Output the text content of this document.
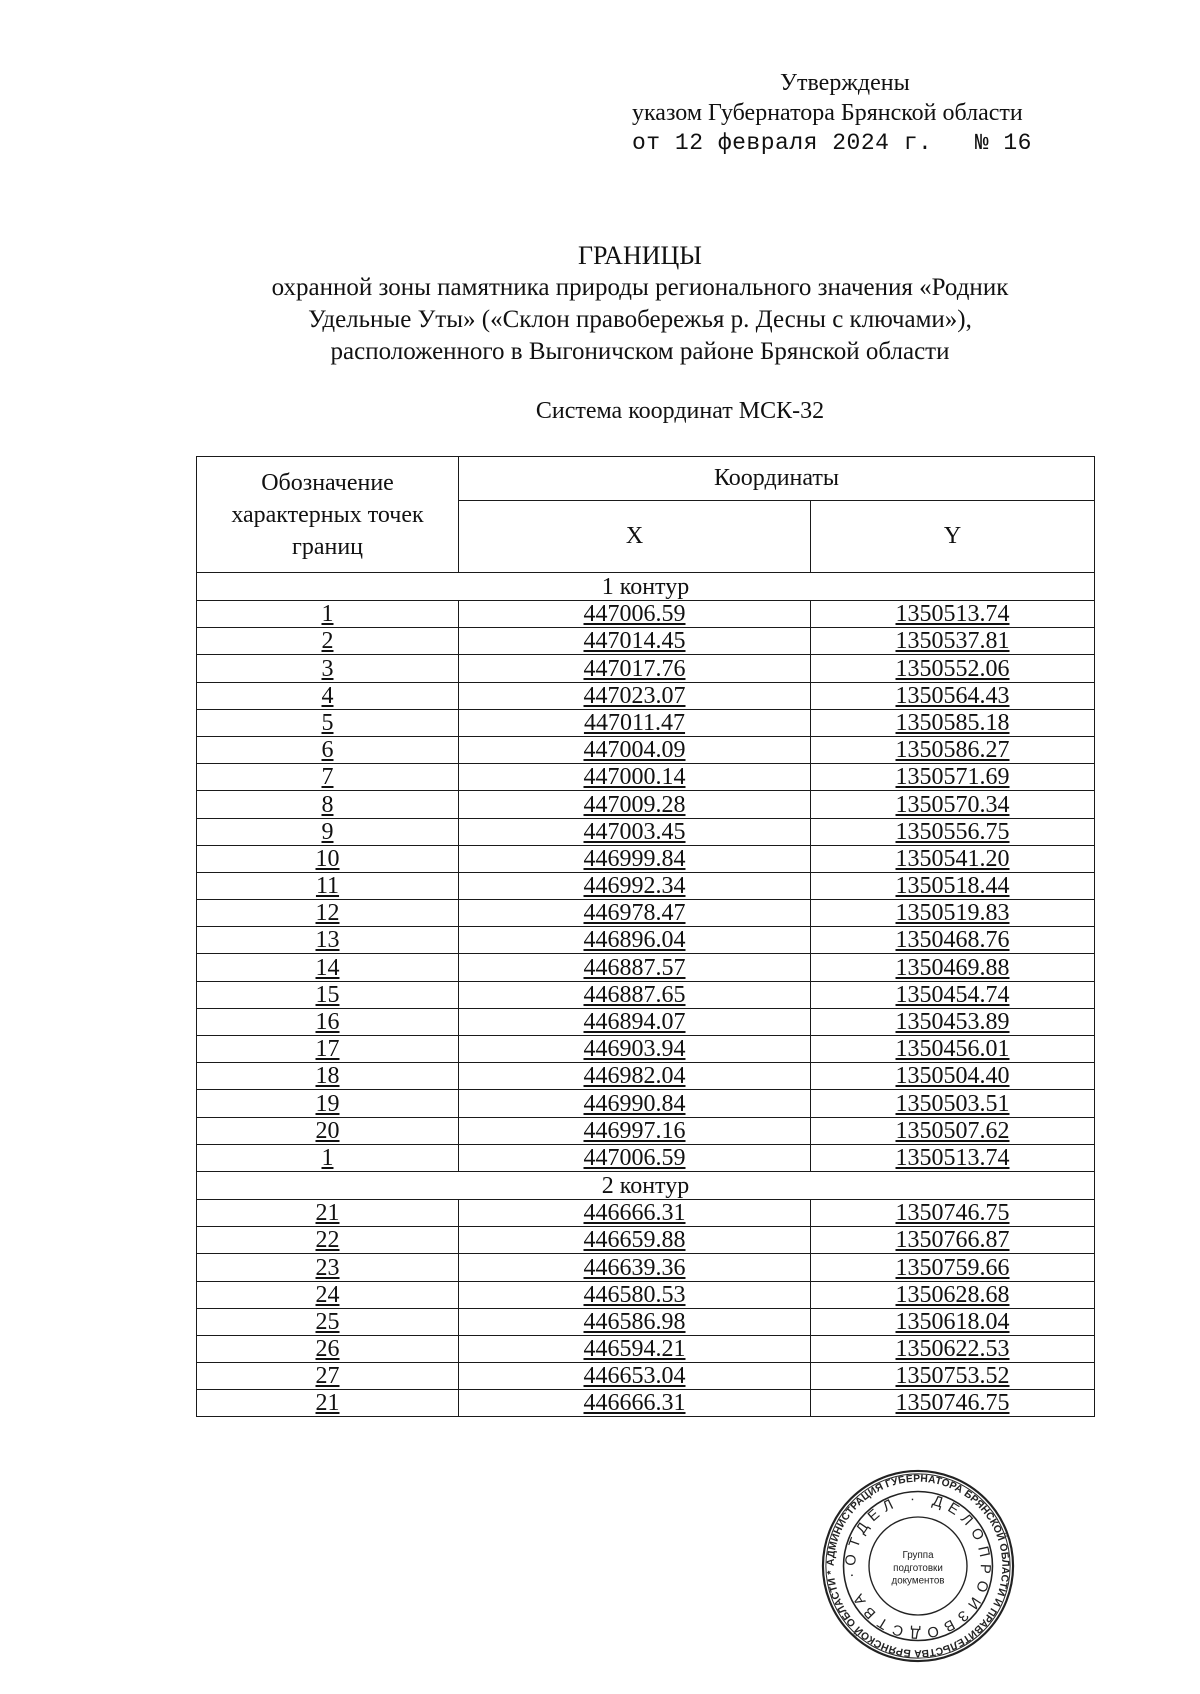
Утверждены
указом Губернатора Брянской области
от 12 февраля 2024 г. № 16
ГРАНИЦЫ
охранной зоны памятника природы регионального значения «Родник
Удельные Уты» («Склон правобережья р. Десны с ключами»),
расположенного в Выгоничском районе Брянской области
Система координат МСК-32
Обозначение характерных точек границ	Координаты	
	X	Y
1 контур		
1	447006.59	1350513.74
2	447014.45	1350537.81
3	447017.76	1350552.06
4	447023.07	1350564.43
5	447011.47	1350585.18
6	447004.09	1350586.27
7	447000.14	1350571.69
8	447009.28	1350570.34
9	447003.45	1350556.75
10	446999.84	1350541.20
11	446992.34	1350518.44
12	446978.47	1350519.83
13	446896.04	1350468.76
14	446887.57	1350469.88
15	446887.65	1350454.74
16	446894.07	1350453.89
17	446903.94	1350456.01
18	446982.04	1350504.40
19	446990.84	1350503.51
20	446997.16	1350507.62
1	447006.59	1350513.74
2 контур		
21	446666.31	1350746.75
22	446659.88	1350766.87
23	446639.36	1350759.66
24	446580.53	1350628.68
25	446586.98	1350618.04
26	446594.21	1350622.53
27	446653.04	1350753.52
21	446666.31	1350746.75
АДМИНИСТРАЦИЯ ГУБЕРНАТОРА БРЯНСКОЙ ОБЛАСТИ И ПРАВИТЕЛЬСТВА БРЯНСКОЙ ОБЛАСТИ *
ОТДЕЛ · ДЕЛОПРОИЗВОДСТВА ·
Группа
подготовки
документов
